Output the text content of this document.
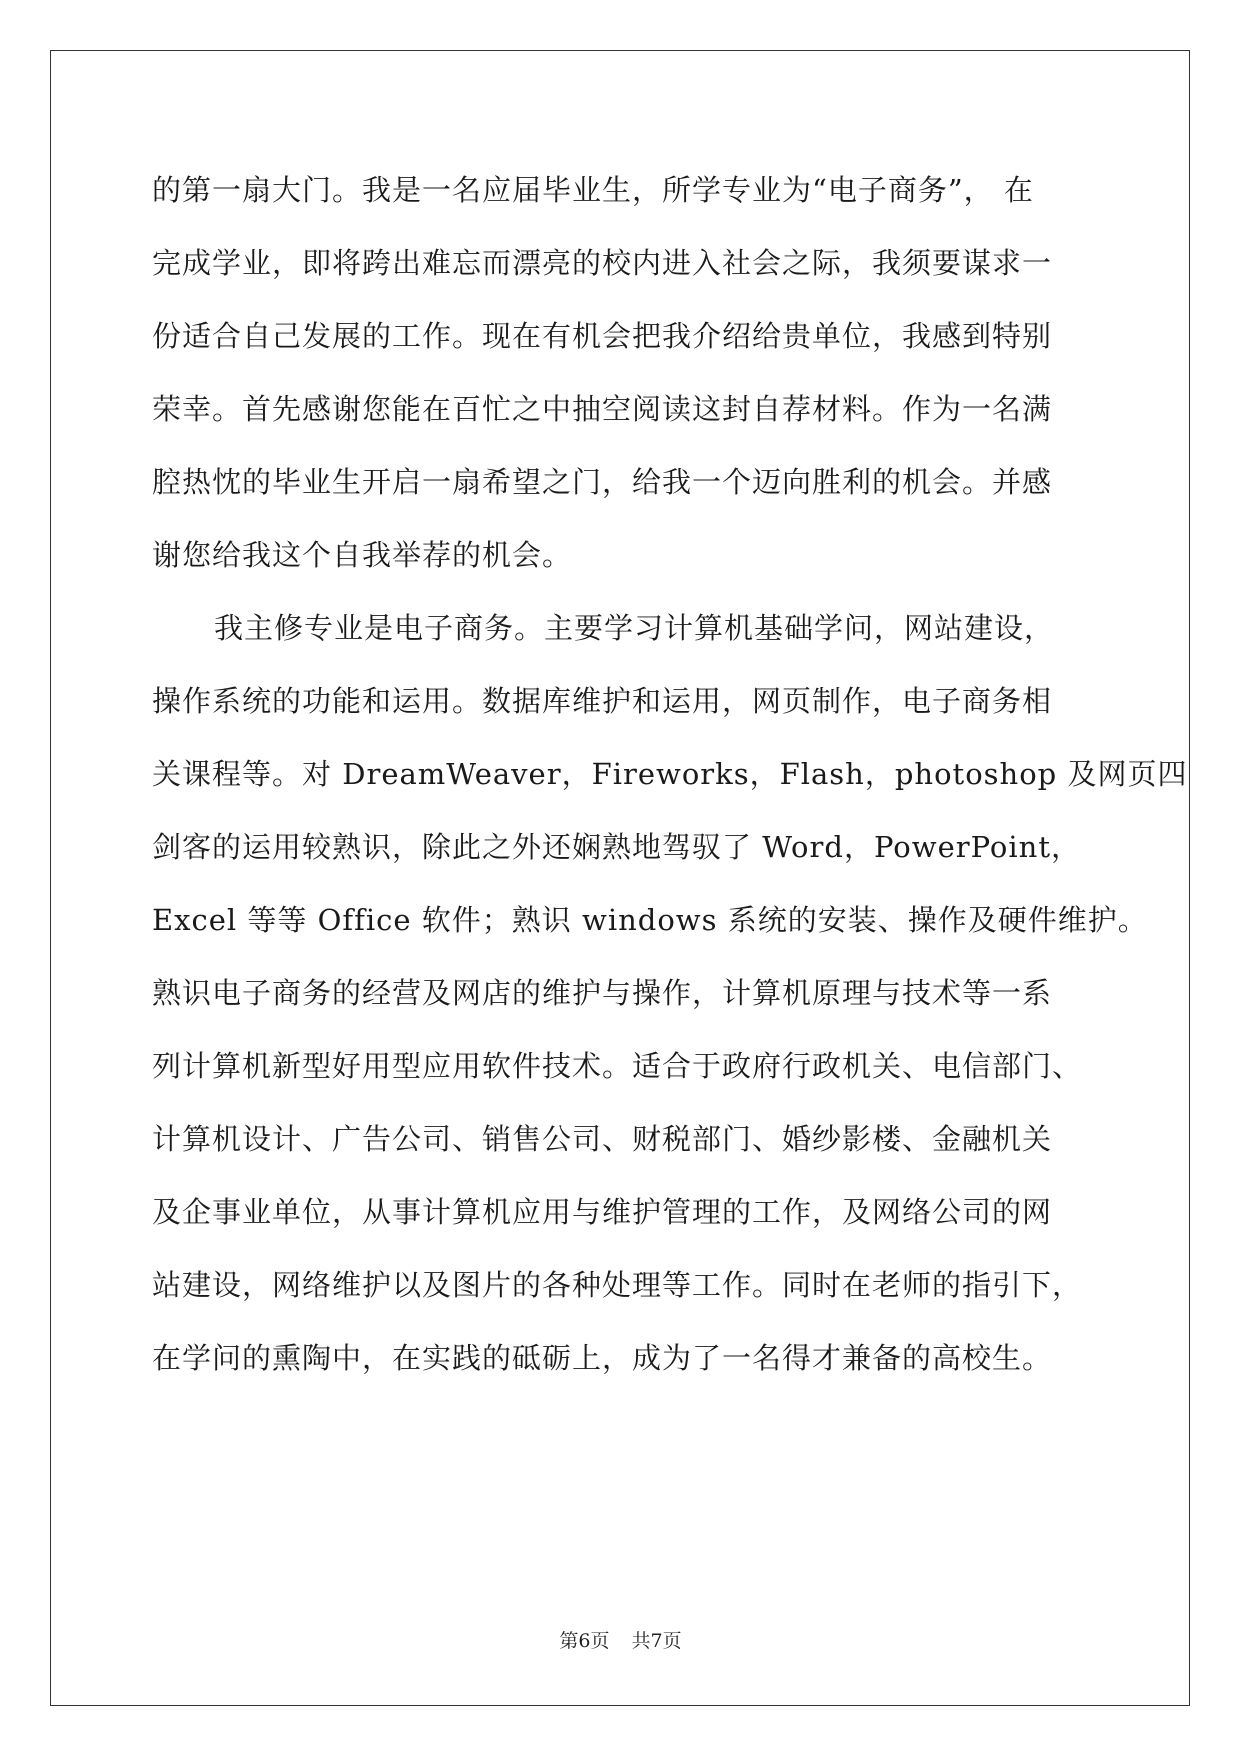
的第一扇大门。我是一名应届毕业生，所学专业为“电子商务”， 在
完成学业，即将跨出难忘而漂亮的校内进入社会之际，我须要谋求一
份适合自己发展的工作。现在有机会把我介绍给贵单位，我感到特别
荣幸。首先感谢您能在百忙之中抽空阅读这封自荐材料。作为一名满
腔热忱的毕业生开启一扇希望之门，给我一个迈向胜利的机会。并感
谢您给我这个自我举荐的机会。
我主修专业是电子商务。主要学习计算机基础学问，网站建设，
操作系统的功能和运用。数据库维护和运用，网页制作，电子商务相
关课程等。对 DreamWeaver，Fireworks，Flash，photoshop 及网页四
剑客的运用较熟识，除此之外还娴熟地驾驭了 Word，PowerPoint，
Excel 等等 Office 软件；熟识 windows 系统的安装、操作及硬件维护。
熟识电子商务的经营及网店的维护与操作，计算机原理与技术等一系
列计算机新型好用型应用软件技术。适合于政府行政机关、电信部门、
计算机设计、广告公司、销售公司、财税部门、婚纱影楼、金融机关
及企事业单位，从事计算机应用与维护管理的工作，及网络公司的网
站建设，网络维护以及图片的各种处理等工作。同时在老师的指引下，
在学问的熏陶中，在实践的砥砺上，成为了一名得才兼备的高校生。
第6页 共7页
